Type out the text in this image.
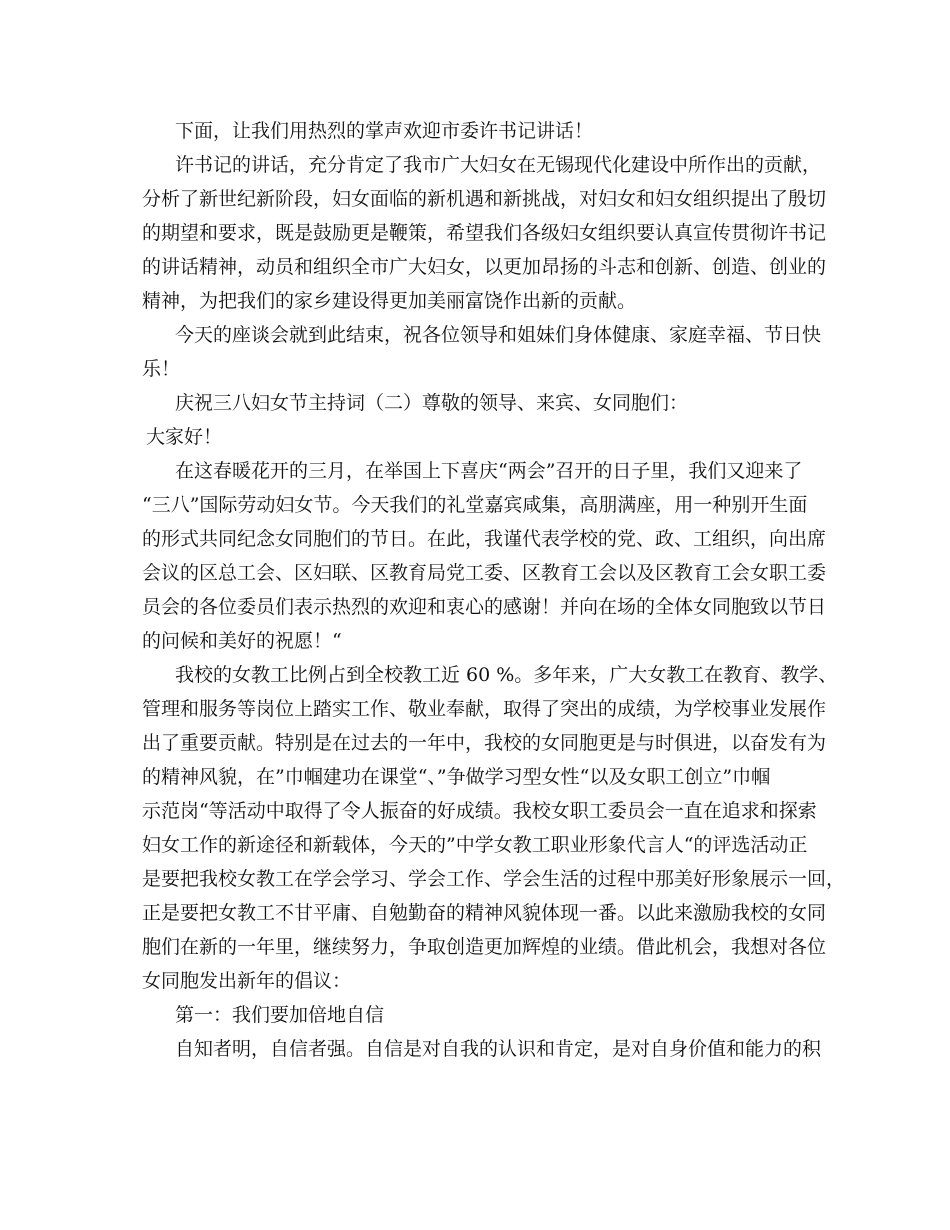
下面，让我们用热烈的掌声欢迎市委许书记讲话！
许书记的讲话，充分肯定了我市广大妇女在无锡现代化建设中所作出的贡献，
分析了新世纪新阶段，妇女面临的新机遇和新挑战，对妇女和妇女组织提出了殷切
的期望和要求，既是鼓励更是鞭策，希望我们各级妇女组织要认真宣传贯彻许书记
的讲话精神，动员和组织全市广大妇女，以更加昂扬的斗志和创新、创造、创业的
精神，为把我们的家乡建设得更加美丽富饶作出新的贡献。
今天的座谈会就到此结束，祝各位领导和姐妹们身体健康、家庭幸福、节日快
乐！
庆祝三八妇女节主持词（二）尊敬的领导、来宾、女同胞们：
大家好！
在这春暖花开的三月，在举国上下喜庆“两会”召开的日子里，我们又迎来了
“三八”国际劳动妇女节。今天我们的礼堂嘉宾咸集，高朋满座，用一种别开生面
的形式共同纪念女同胞们的节日。在此，我谨代表学校的党、政、工组织，向出席
会议的区总工会、区妇联、区教育局党工委、区教育工会以及区教育工会女职工委
员会的各位委员们表示热烈的欢迎和衷心的感谢！并向在场的全体女同胞致以节日
的问候和美好的祝愿！“
我校的女教工比例占到全校教工近 60 %。多年来，广大女教工在教育、教学、
管理和服务等岗位上踏实工作、敬业奉献，取得了突出的成绩，为学校事业发展作
出了重要贡献。特别是在过去的一年中，我校的女同胞更是与时俱进，以奋发有为
的精神风貌，在”巾帼建功在课堂“、”争做学习型女性“以及女职工创立”巾帼
示范岗“等活动中取得了令人振奋的好成绩。我校女职工委员会一直在追求和探索
妇女工作的新途径和新载体，今天的”中学女教工职业形象代言人“的评选活动正
是要把我校女教工在学会学习、学会工作、学会生活的过程中那美好形象展示一回，
正是要把女教工不甘平庸、自勉勤奋的精神风貌体现一番。以此来激励我校的女同
胞们在新的一年里，继续努力，争取创造更加辉煌的业绩。借此机会，我想对各位
女同胞发出新年的倡议：
第一：我们要加倍地自信
自知者明，自信者强。自信是对自我的认识和肯定，是对自身价值和能力的积
